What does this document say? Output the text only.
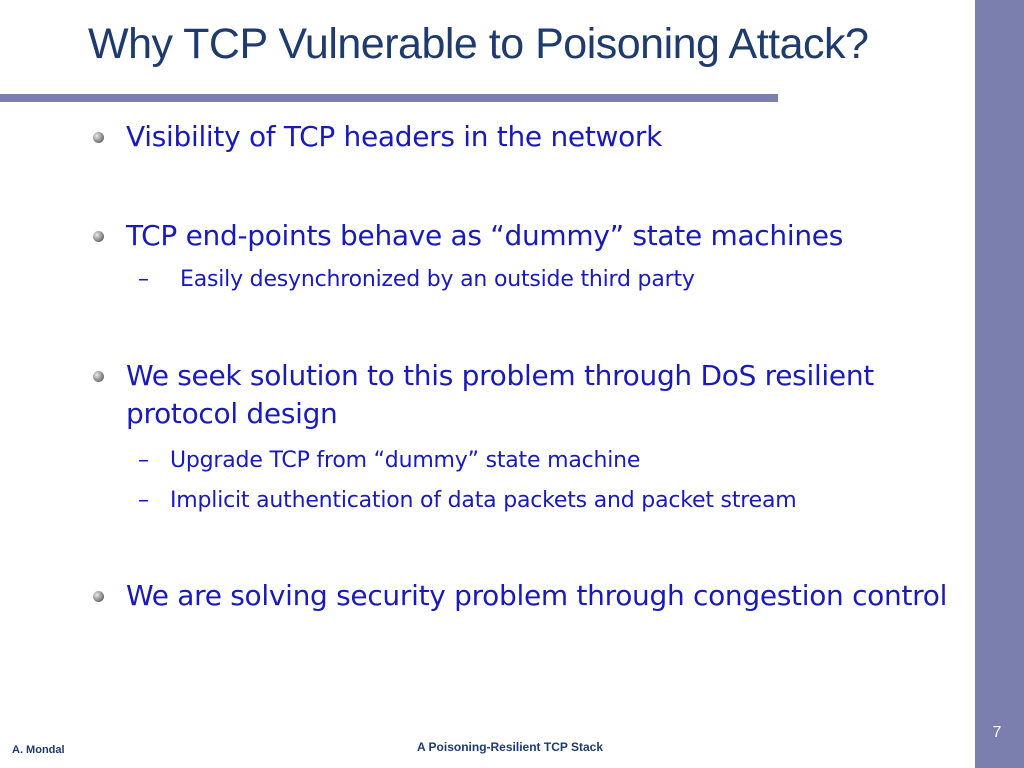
Why TCP Vulnerable to Poisoning Attack?
Visibility of TCP headers in the network
TCP end-points behave as “dummy” state machines
– Easily desynchronized by an outside third party
We seek solution to this problem through DoS resilient protocol design
– Upgrade TCP from “dummy” state machine
– Implicit authentication of data packets and packet stream
We are solving security problem through congestion control
A. Mondal	A Poisoning-Resilient TCP Stack
7
